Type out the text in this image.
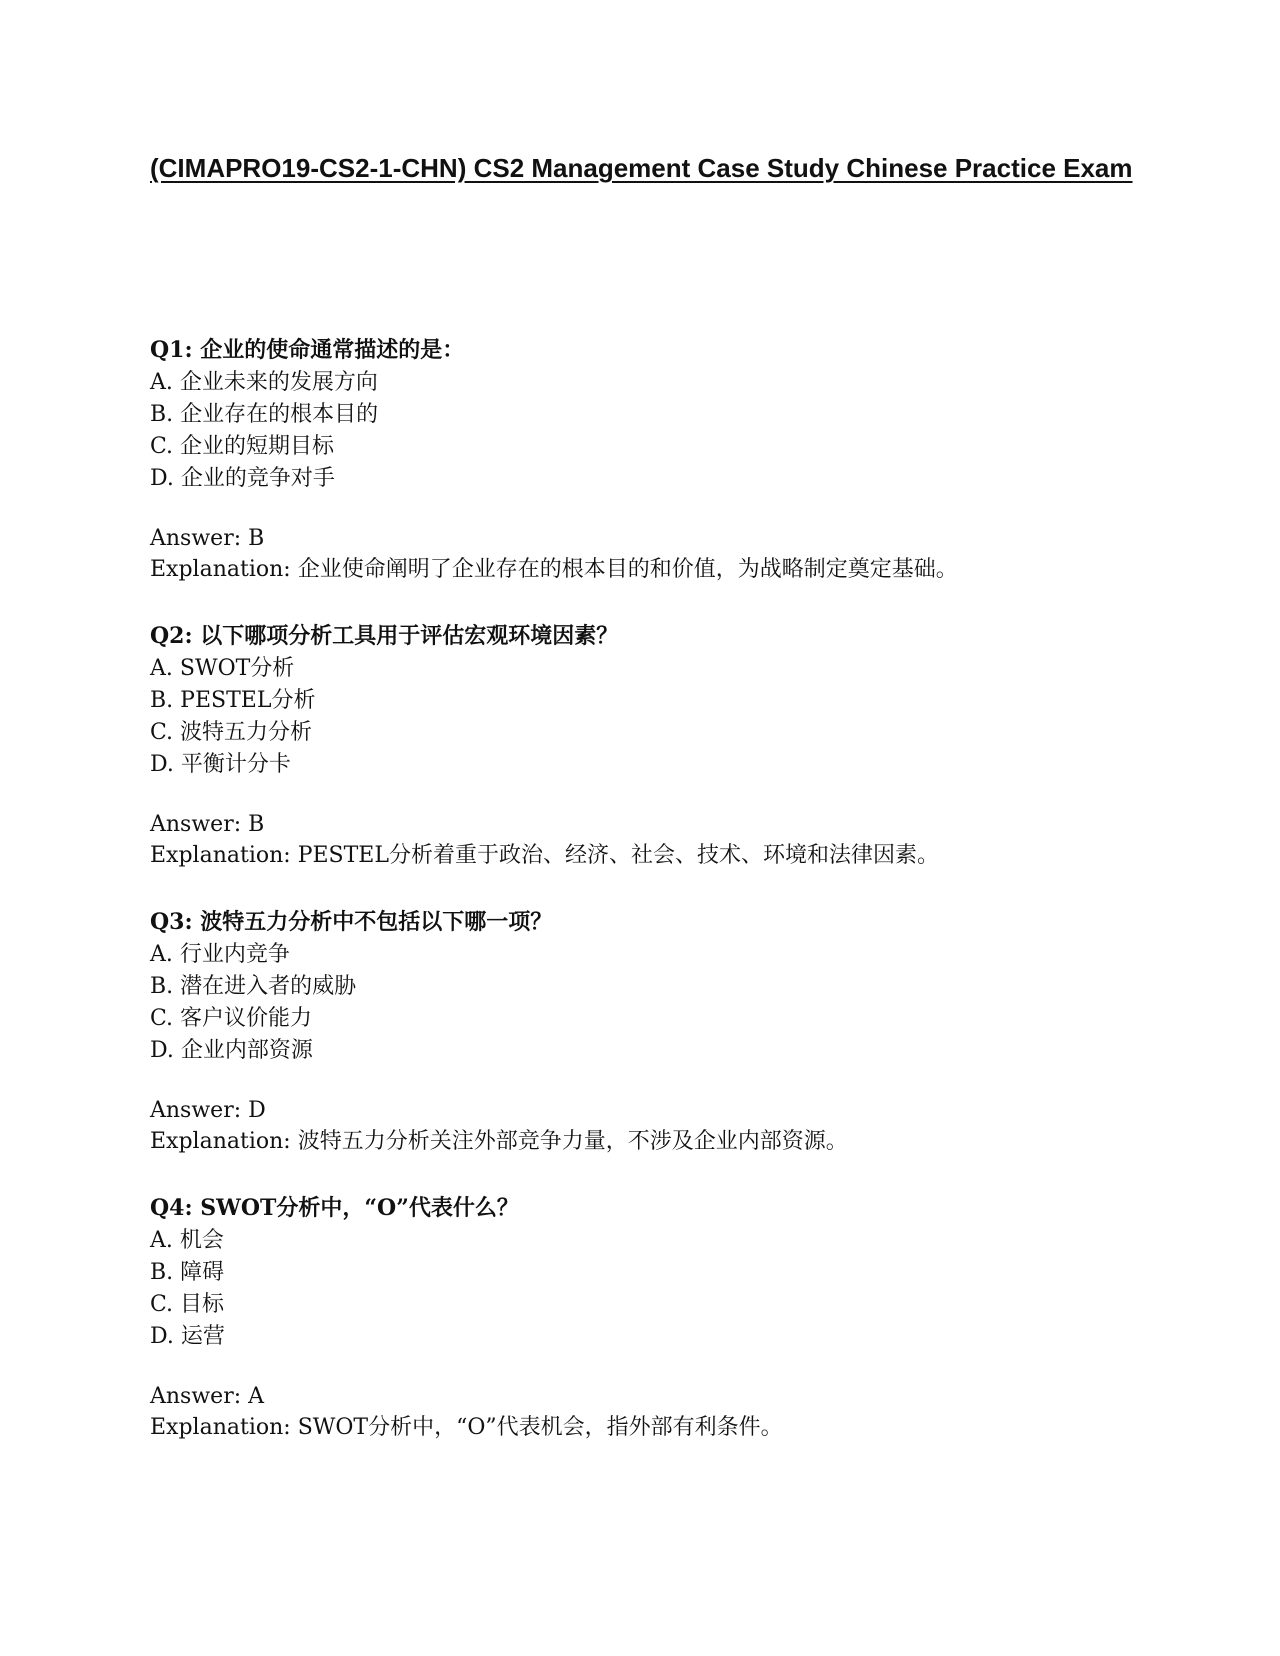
(CIMAPRO19-CS2-1-CHN) CS2 Management Case Study Chinese Practice Exam

Q1: 企业的使命通常描述的是：

A. 企业未来的发展方向

B. 企业存在的根本目的

C. 企业的短期目标

D. 企业的竞争对手

Answer: B

Explanation: 企业使命阐明了企业存在的根本目的和价值，为战略制定奠定基础。

Q2: 以下哪项分析工具用于评估宏观环境因素？

A. SWOT分析

B. PESTEL分析

C. 波特五力分析

D. 平衡计分卡

Answer: B

Explanation: PESTEL分析着重于政治、经济、社会、技术、环境和法律因素。

Q3: 波特五力分析中不包括以下哪一项？

A. 行业内竞争

B. 潜在进入者的威胁

C. 客户议价能力

D. 企业内部资源

Answer: D

Explanation: 波特五力分析关注外部竞争力量，不涉及企业内部资源。

Q4: SWOT分析中，“O”代表什么？

A. 机会

B. 障碍

C. 目标

D. 运营

Answer: A

Explanation: SWOT分析中，“O”代表机会，指外部有利条件。
